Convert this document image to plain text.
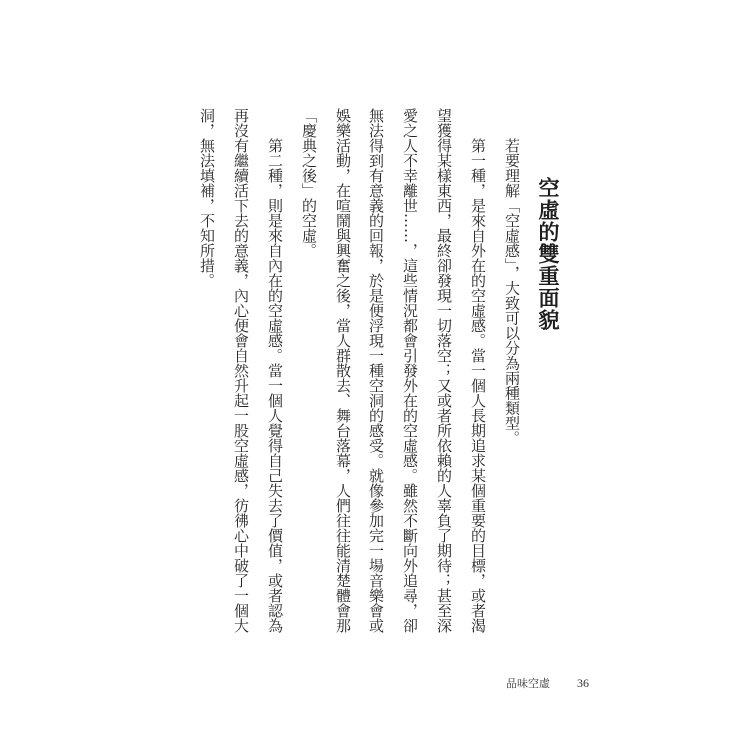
空虛的雙重面貌
若要理解「空虛感」，大致可以分為兩種類型。
第一種，是來自外在的空虛感。當一個人長期追求某個重要的目標，或者渴
望獲得某樣東西，最終卻發現一切落空；又或者所依賴的人辜負了期待；甚至深
愛之人不幸離世……，這些情況都會引發外在的空虛感。雖然不斷向外追尋，卻
無法得到有意義的回報，於是便浮現一種空洞的感受。就像參加完一場音樂會或
娛樂活動，在喧鬧與興奮之後，當人群散去、舞台落幕，人們往往能清楚體會那
「慶典之後」的空虛。
第二種，則是來自內在的空虛感。當一個人覺得自己失去了價值，或者認為
再沒有繼續活下去的意義，內心便會自然升起一股空虛感，彷彿心中破了一個大
洞，無法填補，不知所措。
品味空虛 36
